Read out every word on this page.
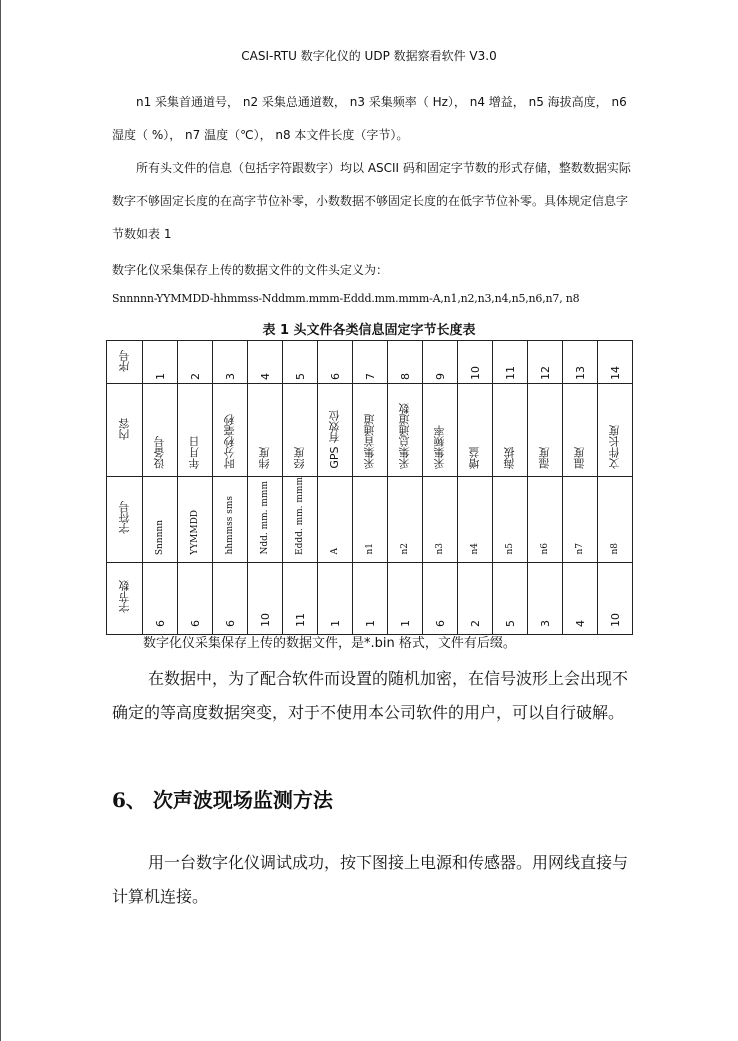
CASI-RTU 数字化仪的 UDP 数据察看软件 V3.0
n1 采集首通道号， n2 采集总通道数， n3 采集频率（ Hz）， n4 增益， n5 海拔高度， n6 湿度（ %）， n7 温度（℃）， n8 本文件长度（字节）。
所有头文件的信息（包括字符跟数字）均以 ASCII 码和固定字节数的形式存储，整数数据实际数字不够固定长度的在高字节位补零，小数数据不够固定长度的在低字节位补零。具体规定信息字节数如表 1
数字化仪采集保存上传的数据文件的文件头定义为：
Snnnnn-YYMMDD-hhmmss-Nddmm.mmm-Eddd.mm.mmm-A,n1,n2,n3,n4,n5,n6,n7, n8
表 1 头文件各类信息固定字节长度表
序号	1	2	3	4	5	6	7	8	9	10	11	12	13	14
内容	设备号	年月日	时分秒毫秒	纬度	经度	GPS 有效位	采集首通道	采集总通道数	采集频率	增益	海拔	湿度	温度	文件长度
字符号	Snnnnn	YYMMDD	hhmmss sms	Ndd. mm. mmm	Eddd. mm. mmm	A	n1	n2	n3	n4	n5	n6	n7	n8
字节数	6	6	6	10	11	1	1	1	6	2	5	3	4	10
数字化仪采集保存上传的数据文件，是*.bin 格式，文件有后缀。
在数据中，为了配合软件而设置的随机加密，在信号波形上会出现不确定的等高度数据突变，对于不使用本公司软件的用户，可以自行破解。
6、 次声波现场监测方法
用一台数字化仪调试成功，按下图接上电源和传感器。用网线直接与计算机连接。
